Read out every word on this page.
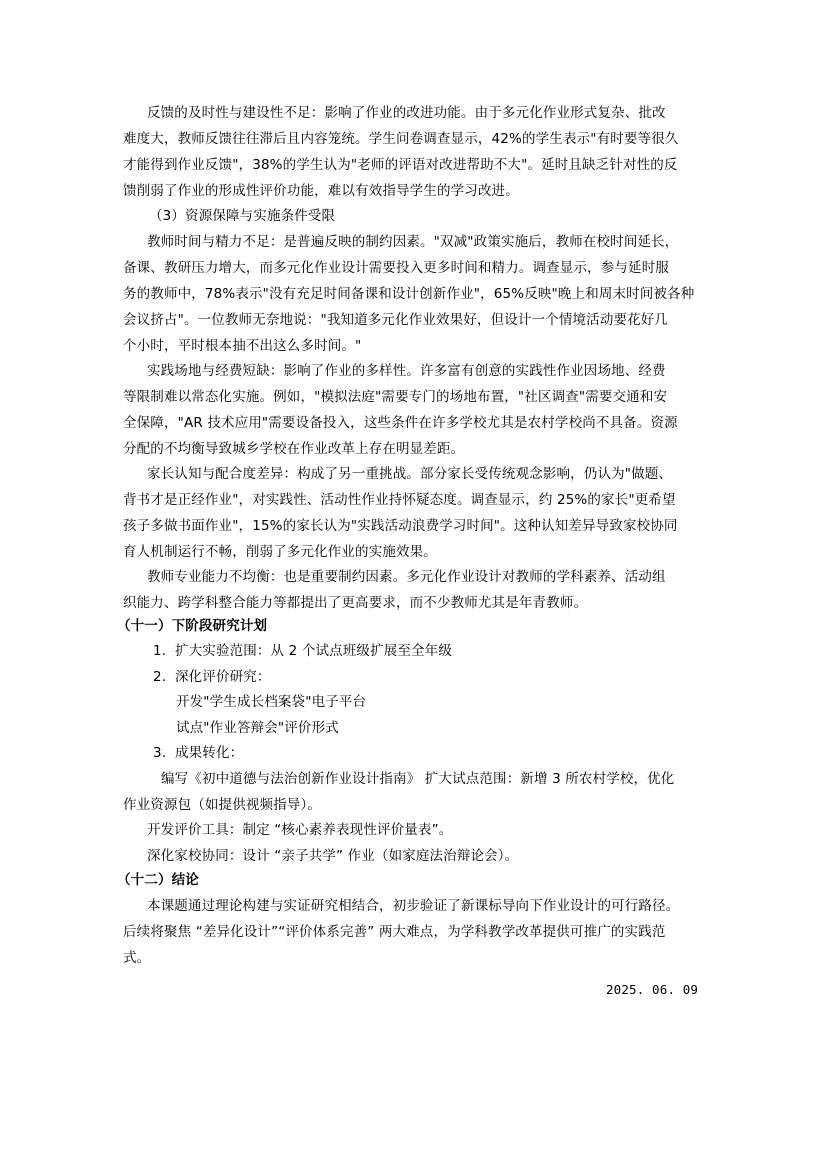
反馈的及时性与建设性不足：影响了作业的改进功能。由于多元化作业形式复杂、批改

难度大，教师反馈往往滞后且内容笼统。学生问卷调查显示，42%的学生表示"有时要等很久

才能得到作业反馈"，38%的学生认为"老师的评语对改进帮助不大"。延时且缺乏针对性的反

馈削弱了作业的形成性评价功能，难以有效指导学生的学习改进。

（3）资源保障与实施条件受限

教师时间与精力不足：是普遍反映的制约因素。"双减"政策实施后，教师在校时间延长，

备课、教研压力增大，而多元化作业设计需要投入更多时间和精力。调查显示，参与延时服

务的教师中，78%表示"没有充足时间备课和设计创新作业"，65%反映"晚上和周末时间被各种

会议挤占"。一位教师无奈地说："我知道多元化作业效果好，但设计一个情境活动要花好几

个小时，平时根本抽不出这么多时间。"

实践场地与经费短缺：影响了作业的多样性。许多富有创意的实践性作业因场地、经费

等限制难以常态化实施。例如，"模拟法庭"需要专门的场地布置，"社区调查"需要交通和安

全保障，"AR 技术应用"需要设备投入，这些条件在许多学校尤其是农村学校尚不具备。资源

分配的不均衡导致城乡学校在作业改革上存在明显差距。

家长认知与配合度差异：构成了另一重挑战。部分家长受传统观念影响，仍认为"做题、

背书才是正经作业"，对实践性、活动性作业持怀疑态度。调查显示，约 25%的家长"更希望

孩子多做书面作业"，15%的家长认为"实践活动浪费学习时间"。这种认知差异导致家校协同

育人机制运行不畅，削弱了多元化作业的实施效果。

教师专业能力不均衡：也是重要制约因素。多元化作业设计对教师的学科素养、活动组

织能力、跨学科整合能力等都提出了更高要求，而不少教师尤其是年青教师。

（十一）下阶段研究计划

1. 扩大实验范围：从 2 个试点班级扩展至全年级

2. 深化评价研究：

开发"学生成长档案袋"电子平台

试点"作业答辩会"评价形式

3. 成果转化：

编写《初中道德与法治创新作业设计指南》 扩大试点范围：新增 3 所农村学校，优化

作业资源包（如提供视频指导）。

开发评价工具：制定 “核心素养表现性评价量表”。

深化家校协同：设计 “亲子共学” 作业（如家庭法治辩论会）。

（十二）结论

本课题通过理论构建与实证研究相结合，初步验证了新课标导向下作业设计的可行路径。

后续将聚焦 “差异化设计”“评价体系完善” 两大难点，为学科教学改革提供可推广的实践范

式。

2025. 06. 09
